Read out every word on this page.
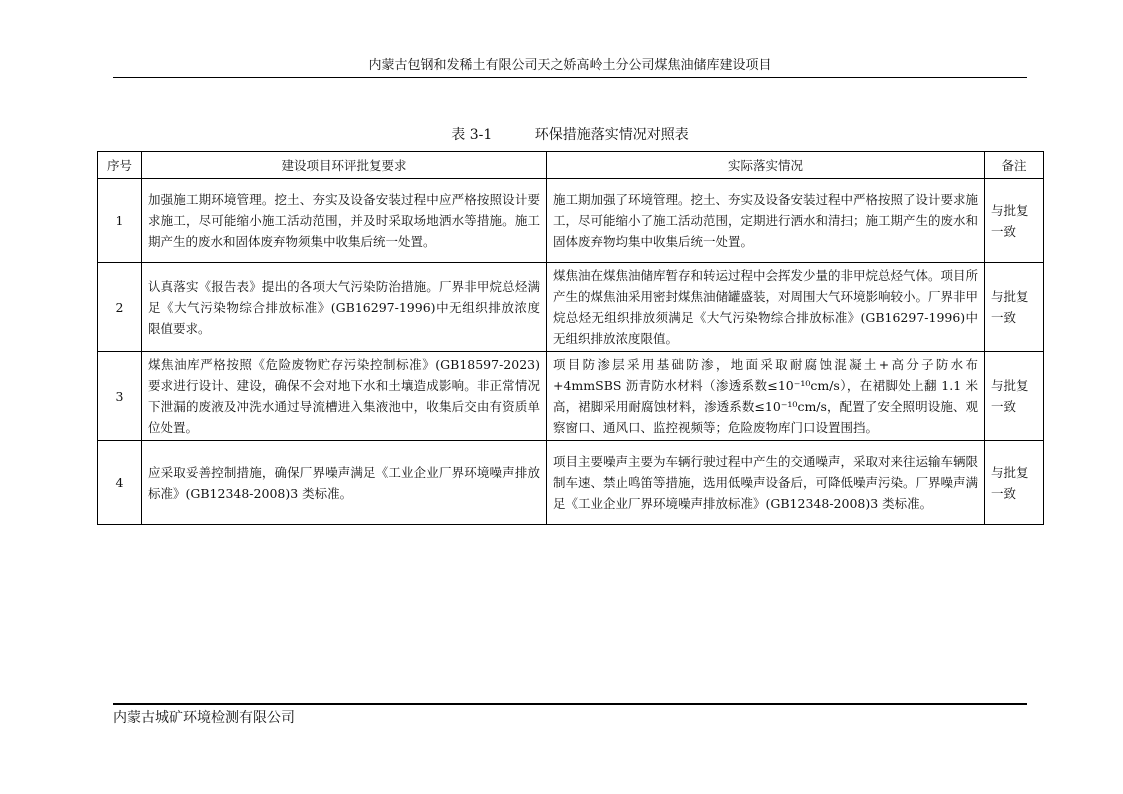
内蒙古包钢和发稀土有限公司天之娇高岭土分公司煤焦油储库建设项目
表 3-1	环保措施落实情况对照表
序号	建设项目环评批复要求	实际落实情况	备注
1	加强施工期环境管理。挖土、夯实及设备安装过程中应严格按照设计要求施工，尽可能缩小施工活动范围，并及时采取场地洒水等措施。施工期产生的废水和固体废弃物须集中收集后统一处置。	施工期加强了环境管理。挖土、夯实及设备安装过程中严格按照了设计要求施工，尽可能缩小了施工活动范围，定期进行洒水和清扫；施工期产生的废水和固体废弃物均集中收集后统一处置。	与批复一致
2	认真落实《报告表》提出的各项大气污染防治措施。厂界非甲烷总烃满足《大气污染物综合排放标准》(GB16297-1996)中无组织排放浓度限值要求。	煤焦油在煤焦油储库暂存和转运过程中会挥发少量的非甲烷总烃气体。项目所产生的煤焦油采用密封煤焦油储罐盛装，对周围大气环境影响较小。厂界非甲烷总烃无组织排放须满足《大气污染物综合排放标准》(GB16297-1996)中无组织排放浓度限值。	与批复一致
3	煤焦油库严格按照《危险废物贮存污染控制标准》(GB18597-2023)要求进行设计、建设，确保不会对地下水和土壤造成影响。非正常情况下泄漏的废液及冲洗水通过导流槽进入集液池中，收集后交由有资质单位处置。	项目防渗层采用基础防渗，地面采取耐腐蚀混凝土+高分子防水布+4mmSBS 沥青防水材料（渗透系数≤10⁻¹⁰cm/s），在裙脚处上翻 1.1 米高，裙脚采用耐腐蚀材料，渗透系数≤10⁻¹⁰cm/s，配置了安全照明设施、观察窗口、通风口、监控视频等；危险废物库门口设置围挡。	与批复一致
4	应采取妥善控制措施，确保厂界噪声满足《工业企业厂界环境噪声排放标准》(GB12348-2008)3 类标准。	项目主要噪声主要为车辆行驶过程中产生的交通噪声，采取对来往运输车辆限制车速、禁止鸣笛等措施，选用低噪声设备后，可降低噪声污染。厂界噪声满足《工业企业厂界环境噪声排放标准》(GB12348-2008)3 类标准。	与批复一致
内蒙古城矿环境检测有限公司
